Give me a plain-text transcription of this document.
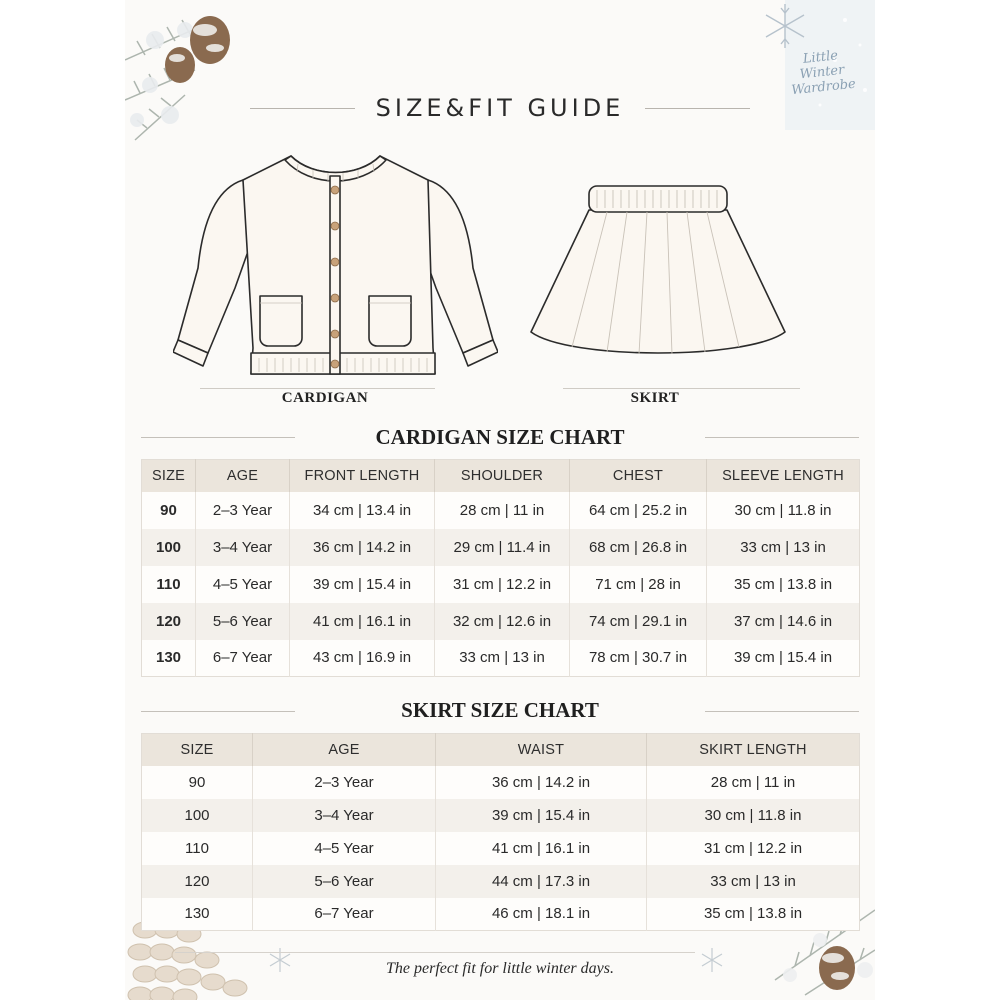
Little
Winter
Wardrobe
SIZE&FIT GUIDE
CARDIGAN	SKIRT
CARDIGAN SIZE CHART
SIZE	AGE	FRONT LENGTH	SHOULDER	CHEST	SLEEVE LENGTH
90	2–3 Year	34 cm | 13.4 in	28 cm | 11 in	64 cm | 25.2 in	30 cm | 11.8 in
100	3–4 Year	36 cm | 14.2 in	29 cm | 11.4 in	68 cm | 26.8 in	33 cm | 13 in
110	4–5 Year	39 cm | 15.4 in	31 cm | 12.2 in	71 cm | 28 in	35 cm | 13.8 in
120	5–6 Year	41 cm | 16.1 in	32 cm | 12.6 in	74 cm | 29.1 in	37 cm | 14.6 in
130	6–7 Year	43 cm | 16.9 in	33 cm | 13 in	78 cm | 30.7 in	39 cm | 15.4 in
SKIRT SIZE CHART
SIZE	AGE	WAIST	SKIRT LENGTH
90	2–3 Year	36 cm | 14.2 in	28 cm | 11 in
100	3–4 Year	39 cm | 15.4 in	30 cm | 11.8 in
110	4–5 Year	41 cm | 16.1 in	31 cm | 12.2 in
120	5–6 Year	44 cm | 17.3 in	33 cm | 13 in
130	6–7 Year	46 cm | 18.1 in	35 cm | 13.8 in
The perfect fit for little winter days.
